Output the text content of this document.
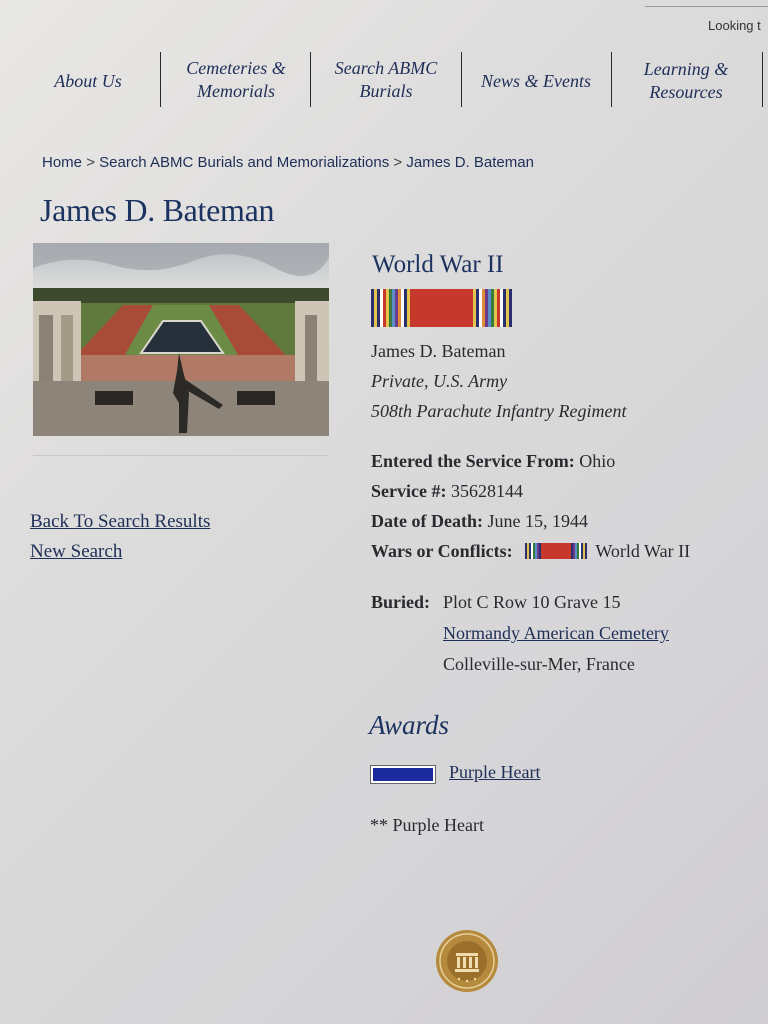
Looking t
About Us
Cemeteries &
Memorials
Search ABMC
Burials	News & Events
Learning &
Resources
Home > Search ABMC Burials and Memorializations > James D. Bateman
James D. Bateman
Back To Search Results
New Search
World War II
James D. Bateman
Private, U.S. Army
508th Parachute Infantry Regiment
Entered the Service From: Ohio
Service #: 35628144
Date of Death: June 15, 1944
Wars or Conflicts:	World War II
Buried: Plot C Row 10 Grave 15
Normandy American Cemetery
Colleville-sur-Mer, France
Awards
Purple Heart
** Purple Heart
